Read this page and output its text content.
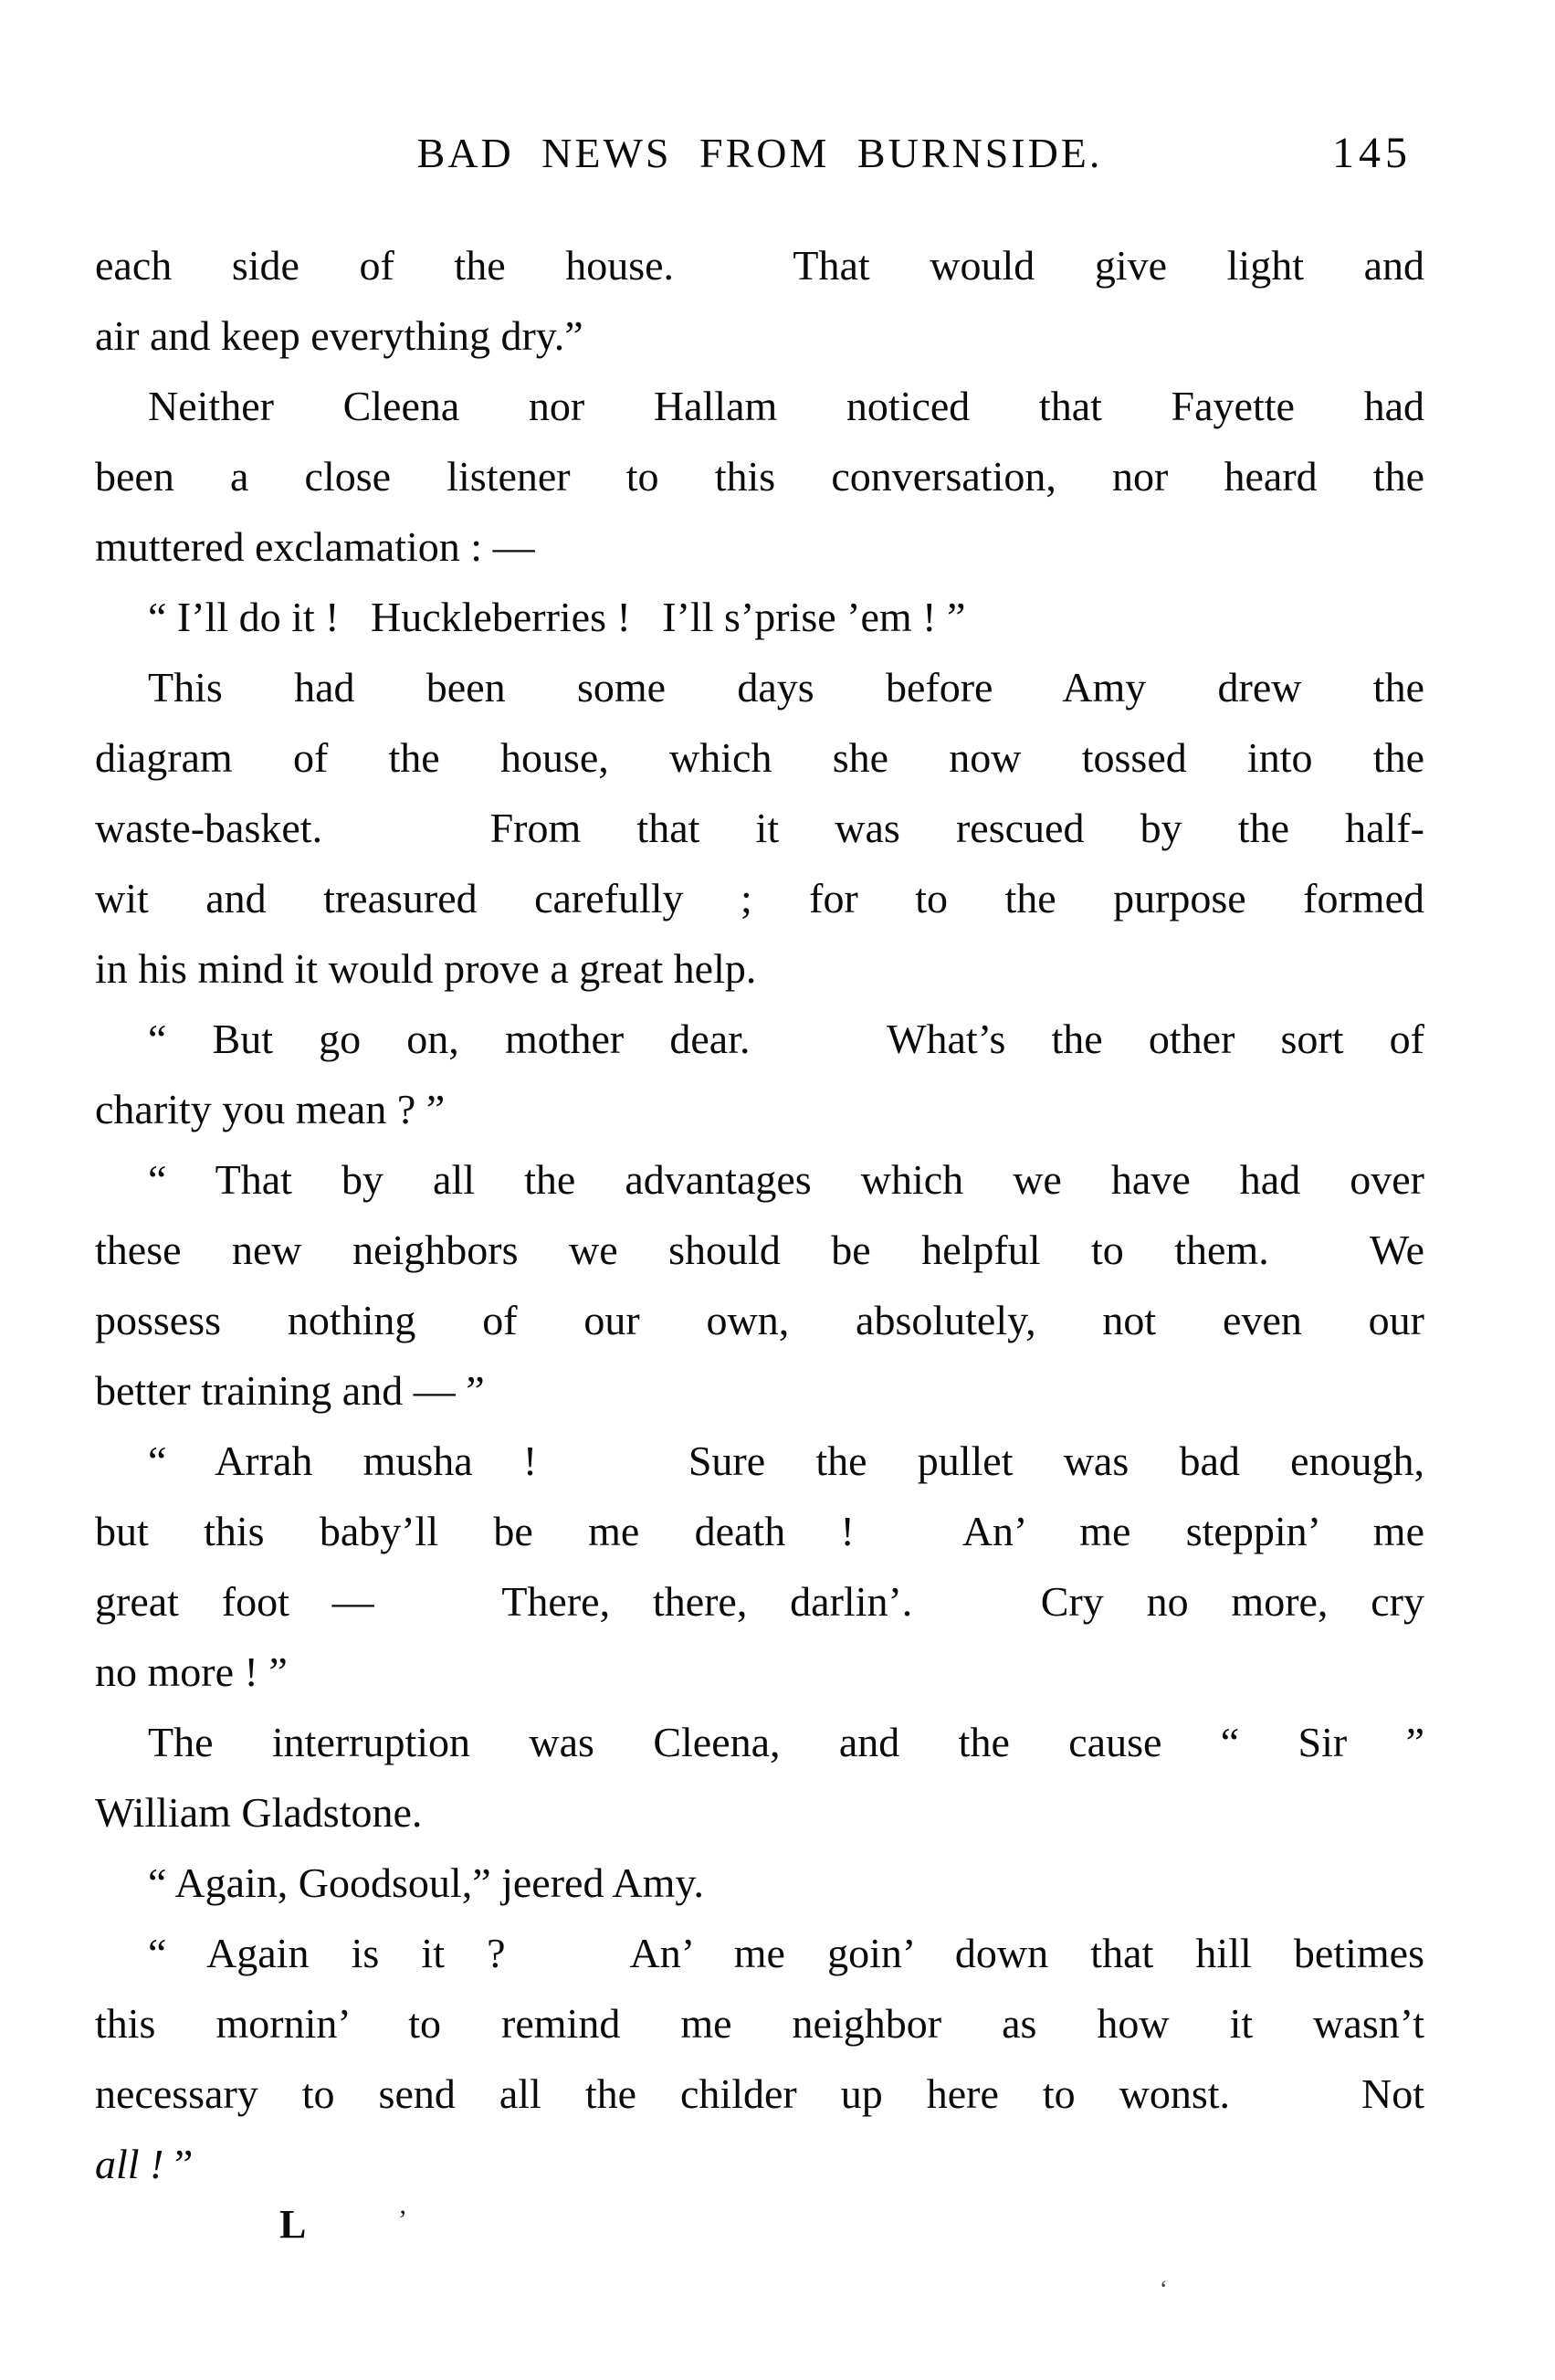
BAD NEWS FROM BURNSIDE.	145
each side of the house.  That would give light and
air and keep everything dry.”
Neither Cleena nor Hallam noticed that Fayette had
been a close listener to this conversation, nor heard the
muttered exclamation : —
“ I’ll do it !   Huckleberries !   I’ll s’prise ’em ! ”
This had been some days before Amy drew the
diagram of the house, which she now tossed into the
waste-basket.   From that it was rescued by the half-
wit and treasured carefully ; for to the purpose formed
in his mind it would prove a great help.
“ But go on, mother dear.   What’s the other sort of
charity you mean ? ”
“ That by all the advantages which we have had over
these new neighbors we should be helpful to them.  We
possess nothing of our own, absolutely, not even our
better training and — ”
“ Arrah musha !   Sure the pullet was bad enough,
but this baby’ll be me death !  An’ me steppin’ me
great foot —   There, there, darlin’.   Cry no more, cry
no more ! ”
The interruption was Cleena, and the cause “ Sir ”
William Gladstone.
“ Again, Goodsoul,” jeered Amy.
“ Again is it ?   An’ me goin’ down that hill betimes
this mornin’ to remind me neighbor as how it wasn’t
necessary to send all the childer up here to wonst.   Not
all ! ”
L	’
‘
